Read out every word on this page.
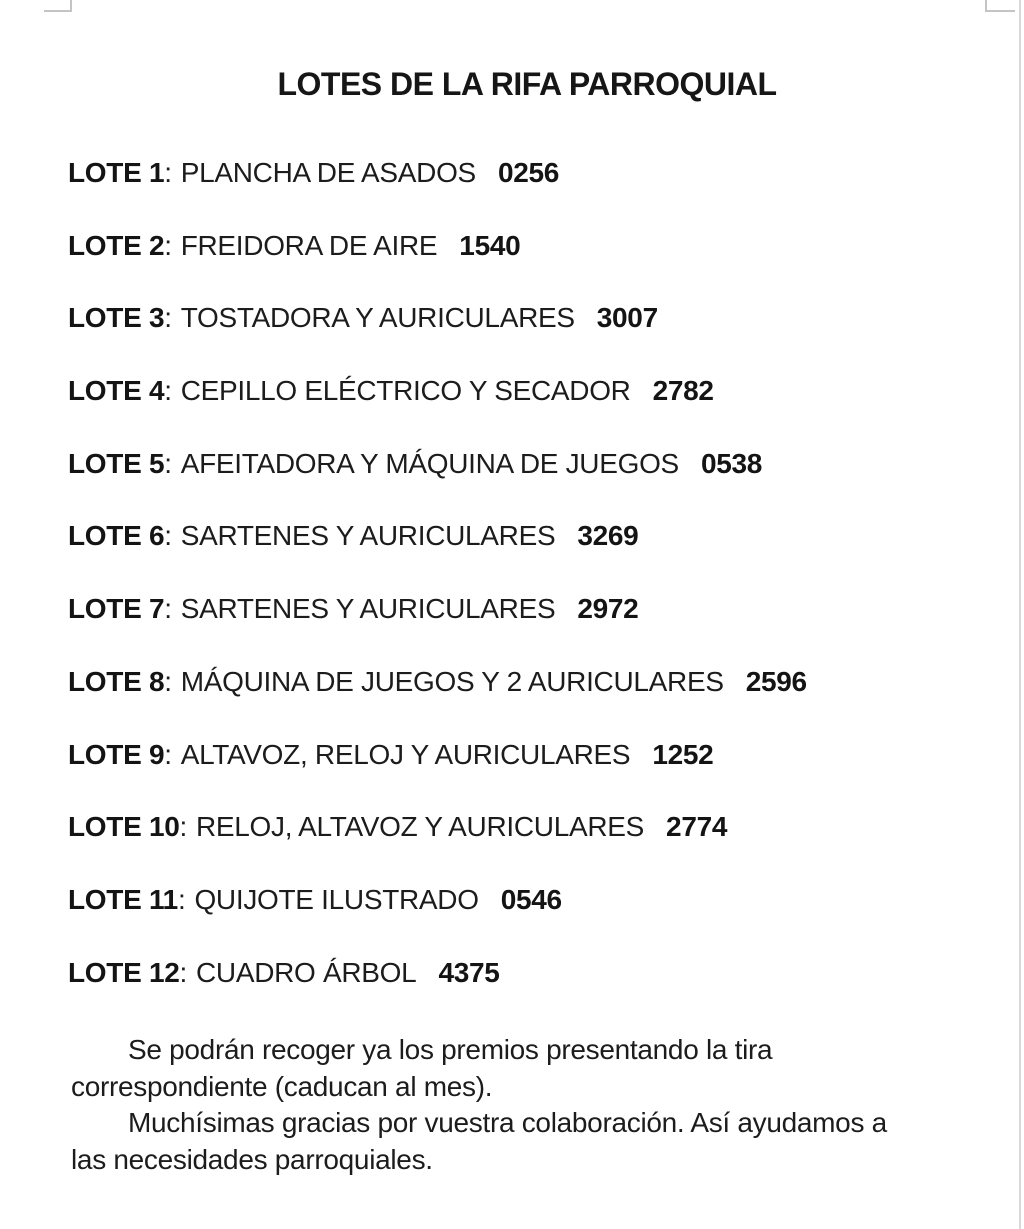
LOTES DE LA RIFA PARROQUIAL
LOTE 1: PLANCHA DE ASADOS 0256
LOTE 2: FREIDORA DE AIRE 1540
LOTE 3: TOSTADORA Y AURICULARES 3007
LOTE 4: CEPILLO ELÉCTRICO Y SECADOR 2782
LOTE 5: AFEITADORA Y MÁQUINA DE JUEGOS 0538
LOTE 6: SARTENES Y AURICULARES 3269
LOTE 7: SARTENES Y AURICULARES 2972
LOTE 8: MÁQUINA DE JUEGOS Y 2 AURICULARES 2596
LOTE 9: ALTAVOZ, RELOJ Y AURICULARES 1252
LOTE 10: RELOJ, ALTAVOZ Y AURICULARES 2774
LOTE 11: QUIJOTE ILUSTRADO 0546
LOTE 12: CUADRO ÁRBOL 4375
Se podrán recoger ya los premios presentando la tira
correspondiente (caducan al mes).
Muchísimas gracias por vuestra colaboración. Así ayudamos a
las necesidades parroquiales.
